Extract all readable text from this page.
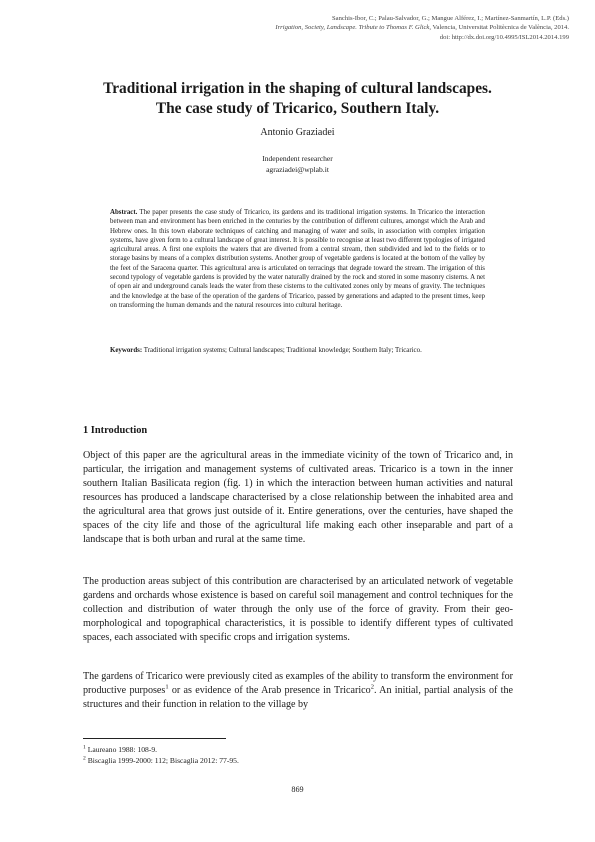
Sanchis-Ibor, C.; Palau-Salvador, G.; Mangue Alférez, I.; Martínez-Sanmartín, L.P. (Eds.)
Irrigation, Society, Landscape. Tribute to Thomas F. Glick, Valencia, Universitat Politècnica de València, 2014.
doi: http://dx.doi.org/10.4995/ISL2014.2014.199
Traditional irrigation in the shaping of cultural landscapes.
The case study of Tricarico, Southern Italy.
Antonio Graziadei
Independent researcher
agraziadei@wplab.it

Abstract. The paper presents the case study of Tricarico, its gardens and its traditional irrigation systems. In Tricarico the interaction between man and environment has been enriched in the centuries by the contribution of different cultures, amongst which the Arab and Hebrew ones. In this town elaborate techniques of catching and managing of water and soils, in association with complex irrigation systems, have given form to a cultural landscape of great interest. It is possible to recognise at least two different typologies of irrigated agricultural areas. A first one exploits the waters that are diverted from a central stream, then subdivided and led to the fields or to storage basins by means of a complex distribution systems. Another group of vegetable gardens is located at the bottom of the valley by the feet of the Saracena quarter. This agricultural area is articulated on terracings that degrade toward the stream. The irrigation of this second typology of vegetable gardens is provided by the water naturally drained by the rock and stored in some masonry cisterns. A net of open air and underground canals leads the water from these cisterns to the cultivated zones only by means of gravity. The techniques and the knowledge at the base of the operation of the gardens of Tricarico, passed by generations and adapted to the present times, keep on transforming the human demands and the natural resources into cultural heritage.

Keywords: Traditional irrigation systems; Cultural landscapes; Traditional knowledge; Southern Italy; Tricarico.

1 Introduction

Object of this paper are the agricultural areas in the immediate vicinity of the town of Tricarico and, in particular, the irrigation and management systems of cultivated areas. Tricarico is a town in the inner southern Italian Basilicata region (fig. 1) in which the interaction between human activities and natural resources has produced a landscape characterised by a close relationship between the inhabited area and the agricultural area that grows just outside of it. Entire generations, over the centuries, have shaped the spaces of the city life and those of the agricultural life making each other inseparable and part of a landscape that is both urban and rural at the same time.

The production areas subject of this contribution are characterised by an articulated network of vegetable gardens and orchards whose existence is based on careful soil management and control techniques for the collection and distribution of water through the only use of the force of gravity. From their geo-morphological and topographical characteristics, it is possible to identify different types of cultivated spaces, each associated with specific crops and irrigation systems.

The gardens of Tricarico were previously cited as examples of the ability to transform the environment for productive purposes$^1$ or as evidence of the Arab presence in Tricarico$^2$. An initial, partial analysis of the structures and their function in relation to the village by

$^1$ Laureano 1988: 108-9.
$^2$ Biscaglia 1999-2000: 112; Biscaglia 2012: 77-95.
869
